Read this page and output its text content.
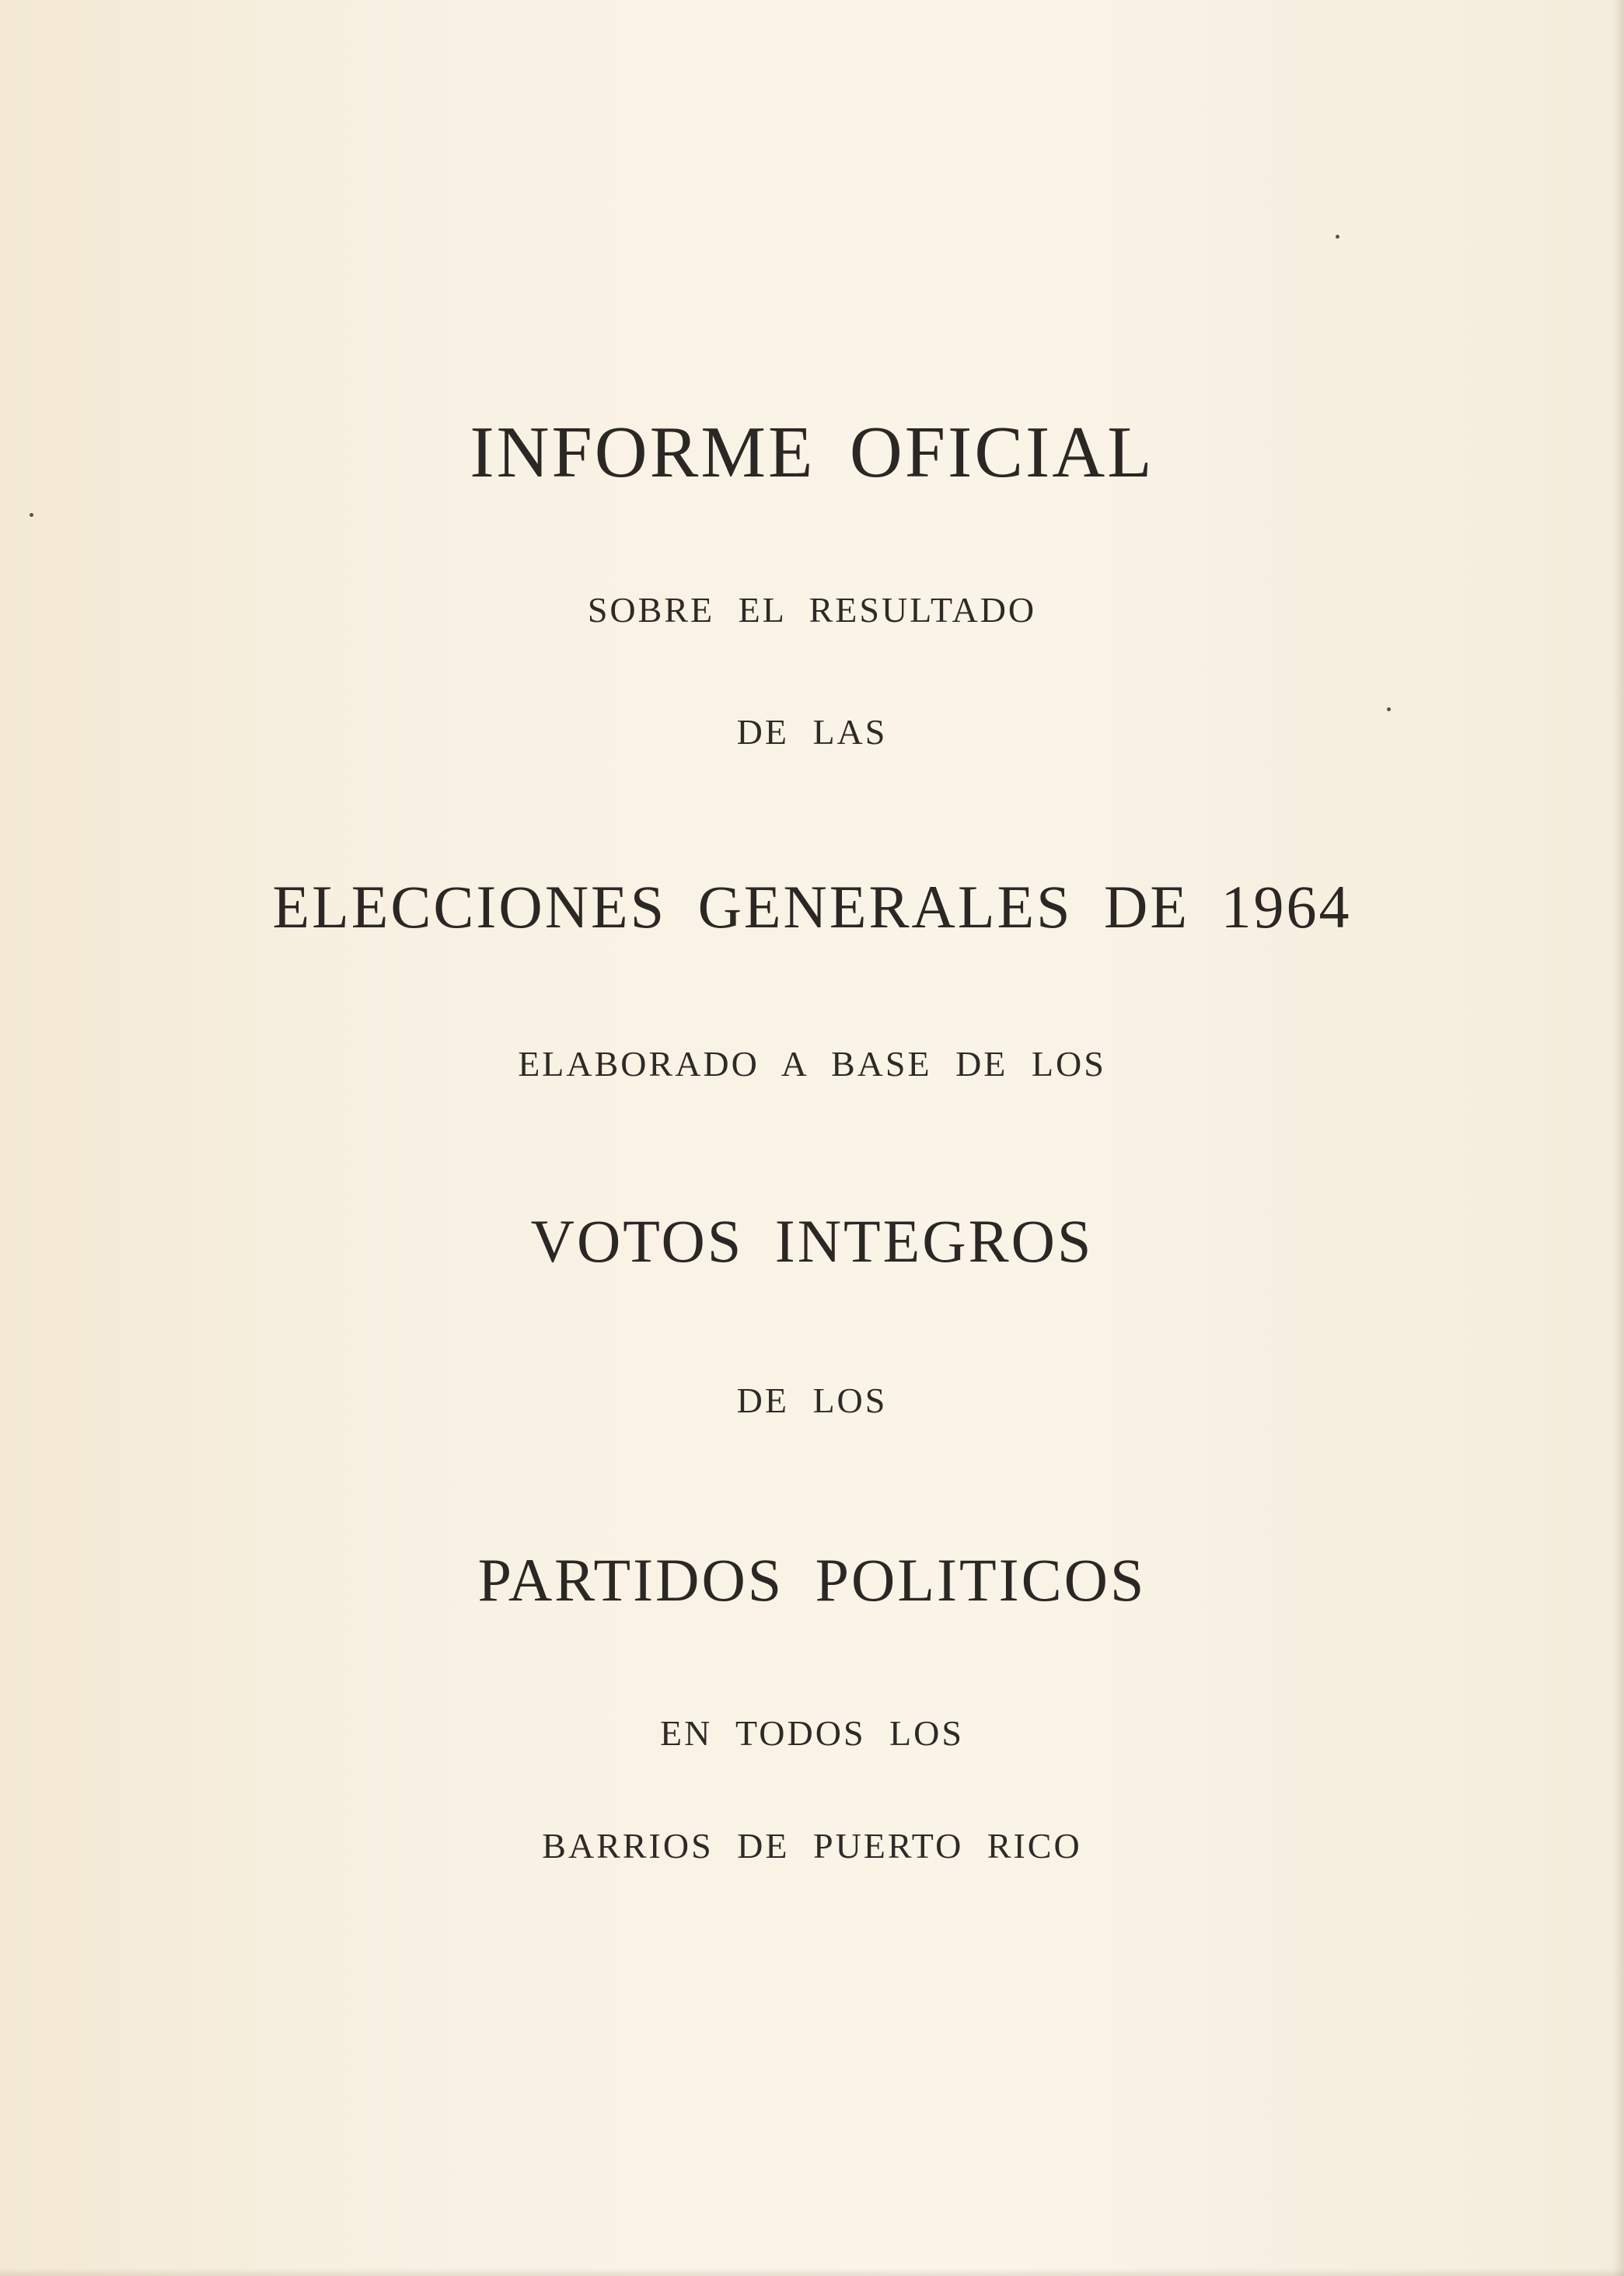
INFORME OFICIAL
SOBRE EL RESULTADO
DE LAS
ELECCIONES GENERALES DE 1964
ELABORADO A BASE DE LOS
VOTOS INTEGROS
DE LOS
PARTIDOS POLITICOS
EN TODOS LOS
BARRIOS DE PUERTO RICO
